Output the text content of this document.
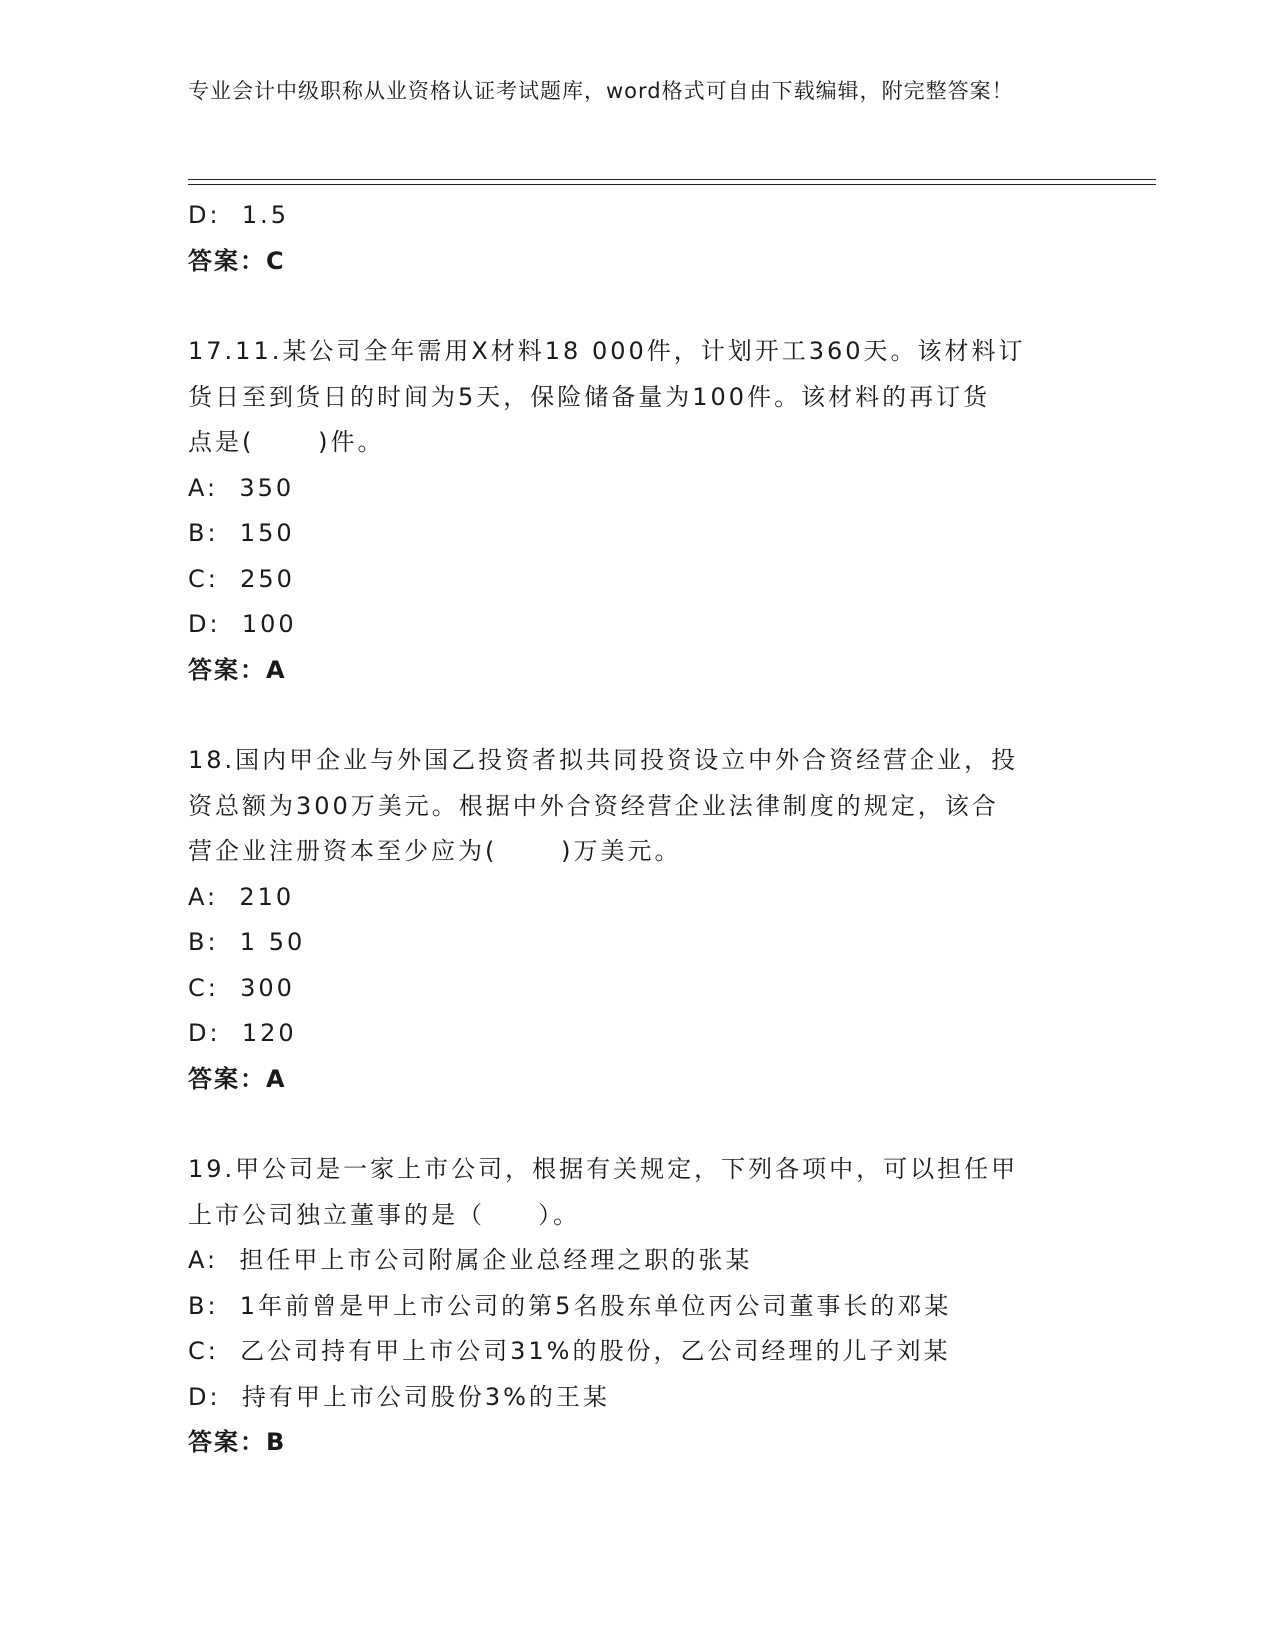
专业会计中级职称从业资格认证考试题库，word格式可自由下载编辑，附完整答案！
D:  1.5
答案：C
17.11.某公司全年需用X材料18 000件，计划开工360天。该材料订
货日至到货日的时间为5天，保险储备量为100件。该材料的再订货
点是(      )件。
A:  350
B:  150
C:  250
D:  100
答案：A
18.国内甲企业与外国乙投资者拟共同投资设立中外合资经营企业，投
资总额为300万美元。根据中外合资经营企业法律制度的规定，该合
营企业注册资本至少应为(      )万美元。
A:  210
B:  1 50
C:  300
D:  120
答案：A
19.甲公司是一家上市公司，根据有关规定，下列各项中，可以担任甲
上市公司独立董事的是（     ）。
A:  担任甲上市公司附属企业总经理之职的张某
B:  1年前曾是甲上市公司的第5名股东单位丙公司董事长的邓某
C:  乙公司持有甲上市公司31%的股份，乙公司经理的儿子刘某
D:  持有甲上市公司股份3%的王某
答案：B
